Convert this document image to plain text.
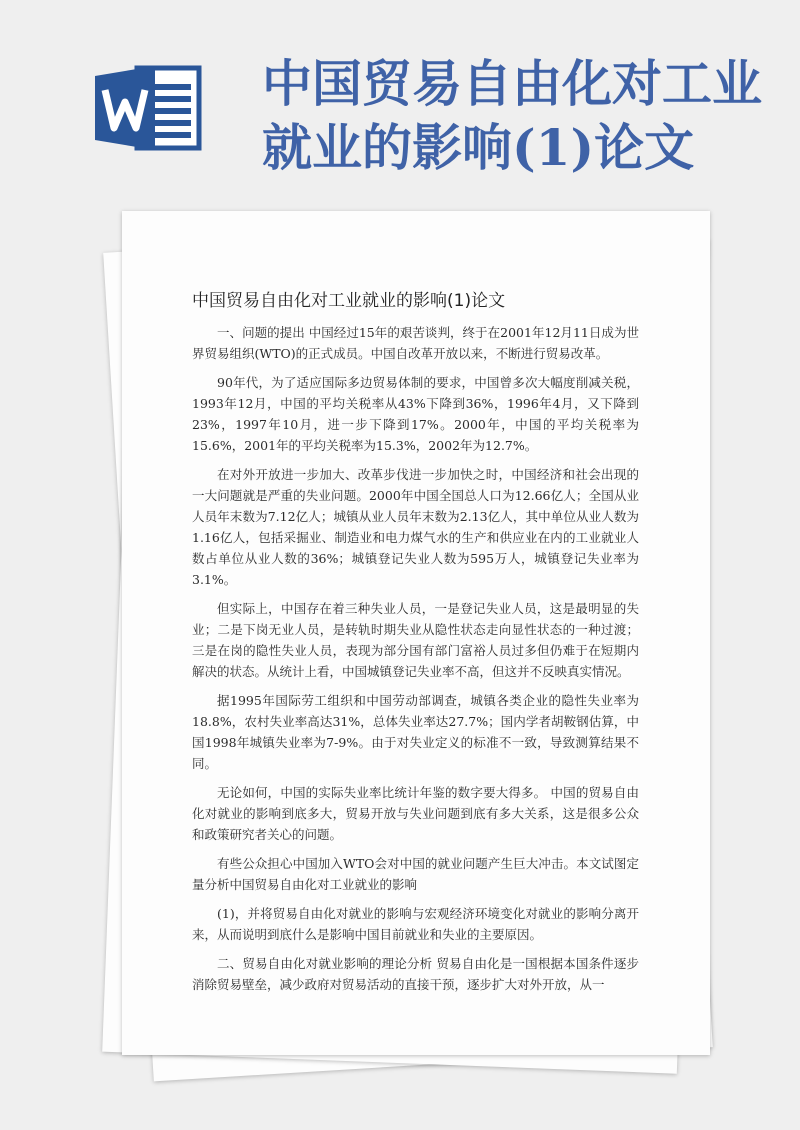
中国贸易自由化对工业
就业的影响(1)论文
中国贸易自由化对工业就业的影响(1)论文

一、问题的提出 中国经过15年的艰苦谈判，终于在2001年12月11日成为世界贸易组织(WTO)的正式成员。中国自改革开放以来，不断进行贸易改革。

90年代，为了适应国际多边贸易体制的要求，中国曾多次大幅度削减关税，1993年12月，中国的平均关税率从43%下降到36%，1996年4月，又下降到23%，1997年10月，进一步下降到17%。2000年，中国的平均关税率为15.6%，2001年的平均关税率为15.3%，2002年为12.7%。

在对外开放进一步加大、改革步伐进一步加快之时，中国经济和社会出现的一大问题就是严重的失业问题。2000年中国全国总人口为12.66亿人；全国从业人员年末数为7.12亿人；城镇从业人员年末数为2.13亿人，其中单位从业人数为1.16亿人，包括采掘业、制造业和电力煤气水的生产和供应业在内的工业就业人数占单位从业人数的36%；城镇登记失业人数为595万人，城镇登记失业率为3.1%。

但实际上，中国存在着三种失业人员，一是登记失业人员，这是最明显的失业；二是下岗无业人员，是转轨时期失业从隐性状态走向显性状态的一种过渡；三是在岗的隐性失业人员，表现为部分国有部门富裕人员过多但仍难于在短期内解决的状态。从统计上看，中国城镇登记失业率不高，但这并不反映真实情况。

据1995年国际劳工组织和中国劳动部调查，城镇各类企业的隐性失业率为18.8%，农村失业率高达31%，总体失业率达27.7%；国内学者胡鞍钢估算，中国1998年城镇失业率为7-9%。由于对失业定义的标准不一致，导致测算结果不同。

无论如何，中国的实际失业率比统计年鉴的数字要大得多。 中国的贸易自由化对就业的影响到底多大，贸易开放与失业问题到底有多大关系，这是很多公众和政策研究者关心的问题。

有些公众担心中国加入WTO会对中国的就业问题产生巨大冲击。本文试图定量分析中国贸易自由化对工业就业的影响

(1)，并将贸易自由化对就业的影响与宏观经济环境变化对就业的影响分离开来，从而说明到底什么是影响中国目前就业和失业的主要原因。

二、贸易自由化对就业影响的理论分析 贸易自由化是一国根据本国条件逐步消除贸易壁垒，减少政府对贸易活动的直接干预，逐步扩大对外开放，从一
